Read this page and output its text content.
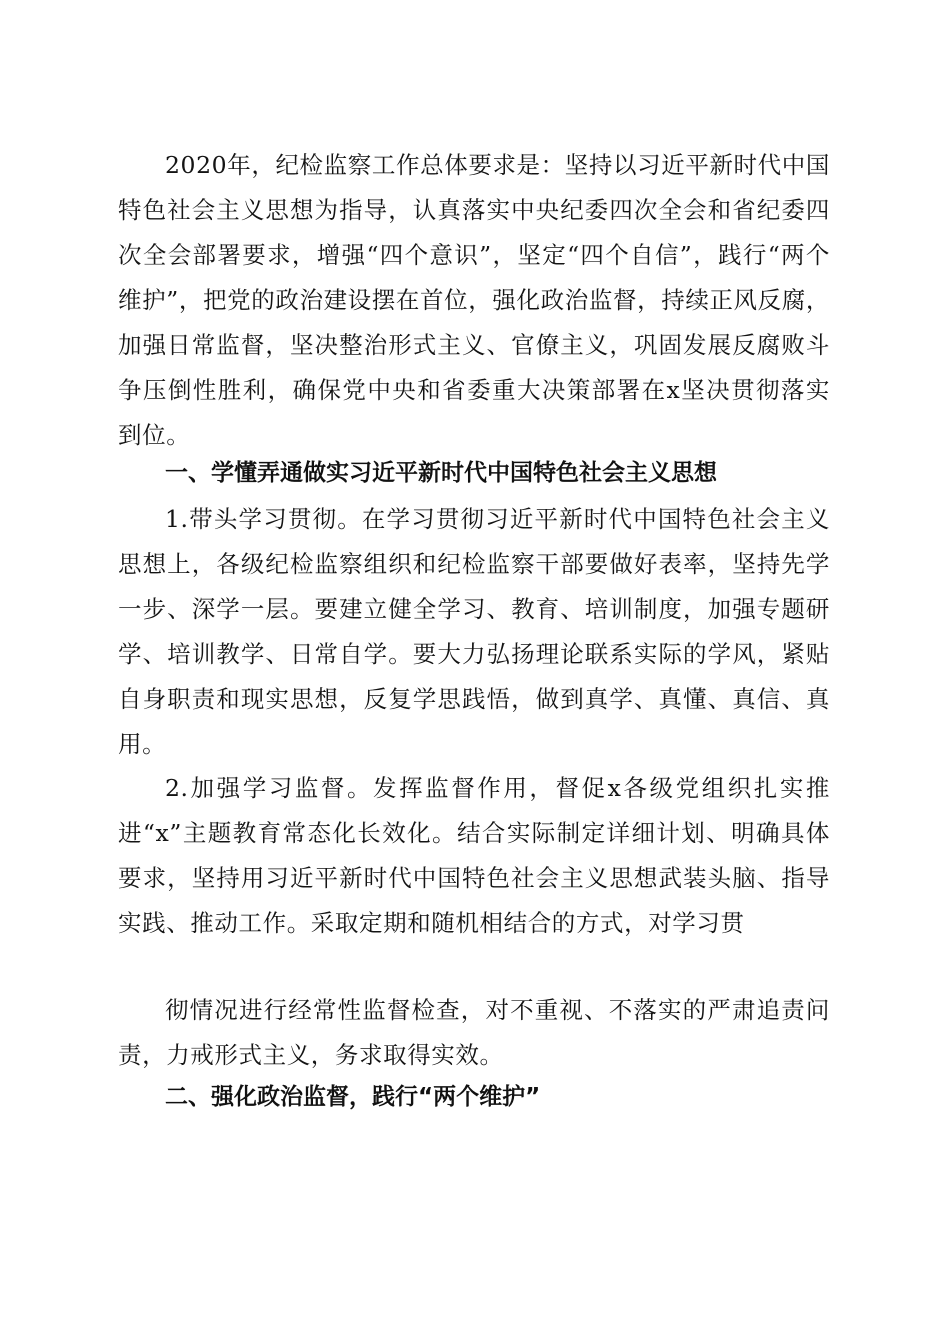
2020年，纪检监察工作总体要求是：坚持以习近平新时代中国特色社会主义思想为指导，认真落实中央纪委四次全会和省纪委四次全会部署要求，增强“四个意识”，坚定“四个自信”，践行“两个维护”，把党的政治建设摆在首位，强化政治监督，持续正风反腐，加强日常监督，坚决整治形式主义、官僚主义，巩固发展反腐败斗争压倒性胜利，确保党中央和省委重大决策部署在x坚决贯彻落实到位。

一、学懂弄通做实习近平新时代中国特色社会主义思想

1.带头学习贯彻。在学习贯彻习近平新时代中国特色社会主义思想上，各级纪检监察组织和纪检监察干部要做好表率，坚持先学一步、深学一层。要建立健全学习、教育、培训制度，加强专题研学、培训教学、日常自学。要大力弘扬理论联系实际的学风，紧贴自身职责和现实思想，反复学思践悟，做到真学、真懂、真信、真用。

2.加强学习监督。发挥监督作用，督促x各级党组织扎实推进“x”主题教育常态化长效化。结合实际制定详细计划、明确具体要求，坚持用习近平新时代中国特色社会主义思想武装头脑、指导实践、推动工作。采取定期和随机相结合的方式，对学习贯

彻情况进行经常性监督检查，对不重视、不落实的严肃追责问责，力戒形式主义，务求取得实效。

二、强化政治监督，践行“两个维护”
